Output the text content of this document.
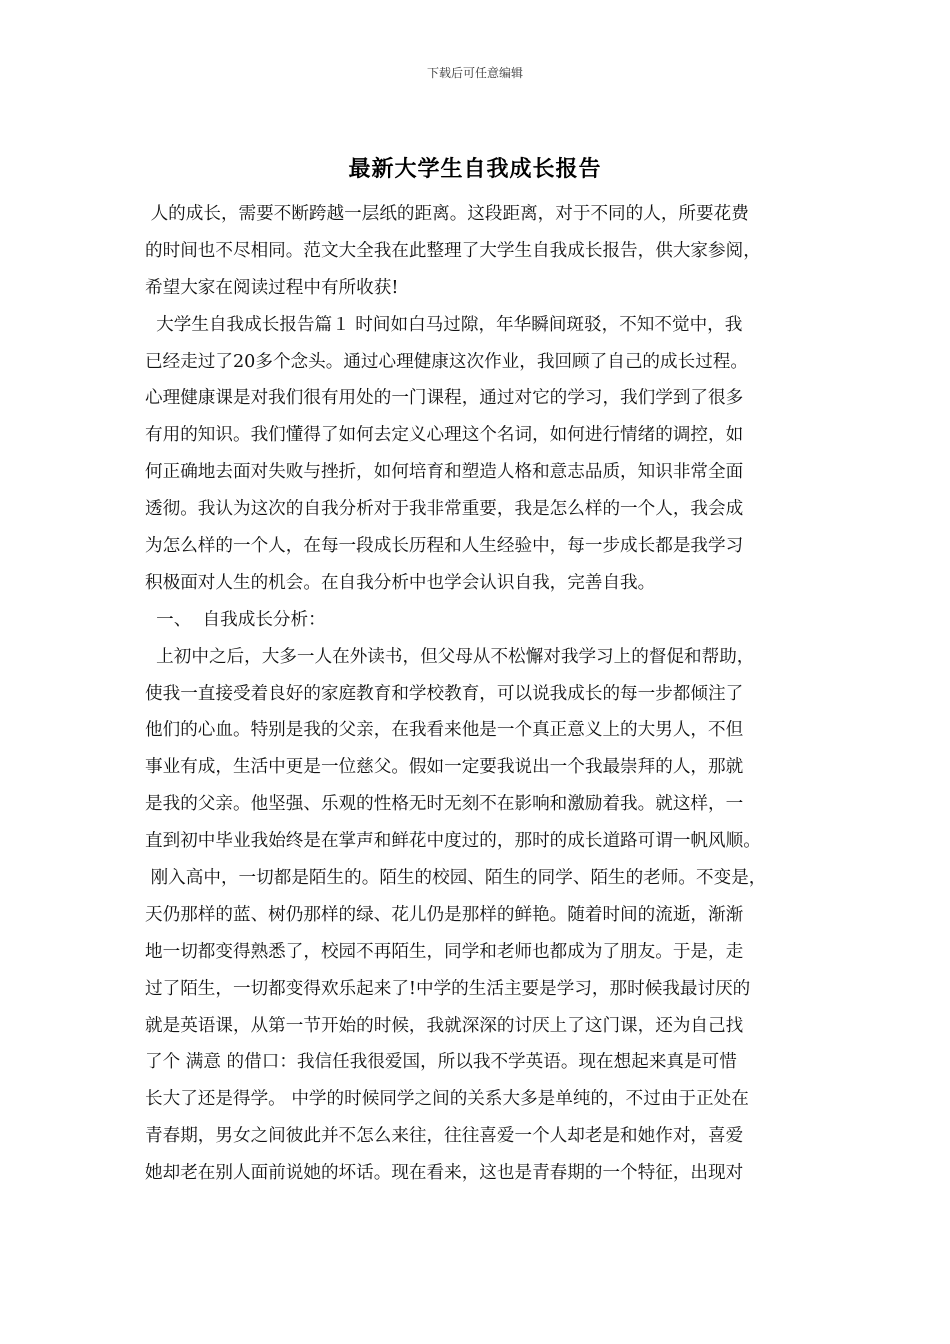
下载后可任意编辑
最新大学生自我成长报告
人的成长，需要不断跨越一层纸的距离。这段距离，对于不同的人，所要花费
的时间也不尽相同。范文大全我在此整理了大学生自我成长报告，供大家参阅，
希望大家在阅读过程中有所收获!
大学生自我成长报告篇１ 时间如白马过隙，年华瞬间斑驳，不知不觉中，我
已经走过了20多个念头。通过心理健康这次作业，我回顾了自己的成长过程。
心理健康课是对我们很有用处的一门课程，通过对它的学习，我们学到了很多
有用的知识。我们懂得了如何去定义心理这个名词，如何进行情绪的调控，如
何正确地去面对失败与挫折，如何培育和塑造人格和意志品质，知识非常全面
透彻。我认为这次的自我分析对于我非常重要，我是怎么样的一个人，我会成
为怎么样的一个人，在每一段成长历程和人生经验中，每一步成长都是我学习
积极面对人生的机会。在自我分析中也学会认识自我，完善自我。
一、  自我成长分析：
上初中之后，大多一人在外读书，但父母从不松懈对我学习上的督促和帮助，
使我一直接受着良好的家庭教育和学校教育，可以说我成长的每一步都倾注了
他们的心血。特别是我的父亲，在我看来他是一个真正意义上的大男人，不但
事业有成，生活中更是一位慈父。假如一定要我说出一个我最崇拜的人，那就
是我的父亲。他坚强、乐观的性格无时无刻不在影响和激励着我。就这样，一
直到初中毕业我始终是在掌声和鲜花中度过的，那时的成长道路可谓一帆风顺。
刚入高中，一切都是陌生的。陌生的校园、陌生的同学、陌生的老师。不变是，
天仍那样的蓝、树仍那样的绿、花儿仍是那样的鲜艳。随着时间的流逝，渐渐
地一切都变得熟悉了，校园不再陌生，同学和老师也都成为了朋友。于是，走
过了陌生，一切都变得欢乐起来了!中学的生活主要是学习，那时候我最讨厌的
就是英语课，从第一节开始的时候，我就深深的讨厌上了这门课，还为自己找
了个 满意 的借口：我信任我很爱国，所以我不学英语。现在想起来真是可惜
长大了还是得学。 中学的时候同学之间的关系大多是单纯的，不过由于正处在
青春期，男女之间彼此并不怎么来往，往往喜爱一个人却老是和她作对，喜爱
她却老在别人面前说她的坏话。现在看来，这也是青春期的一个特征，出现对
